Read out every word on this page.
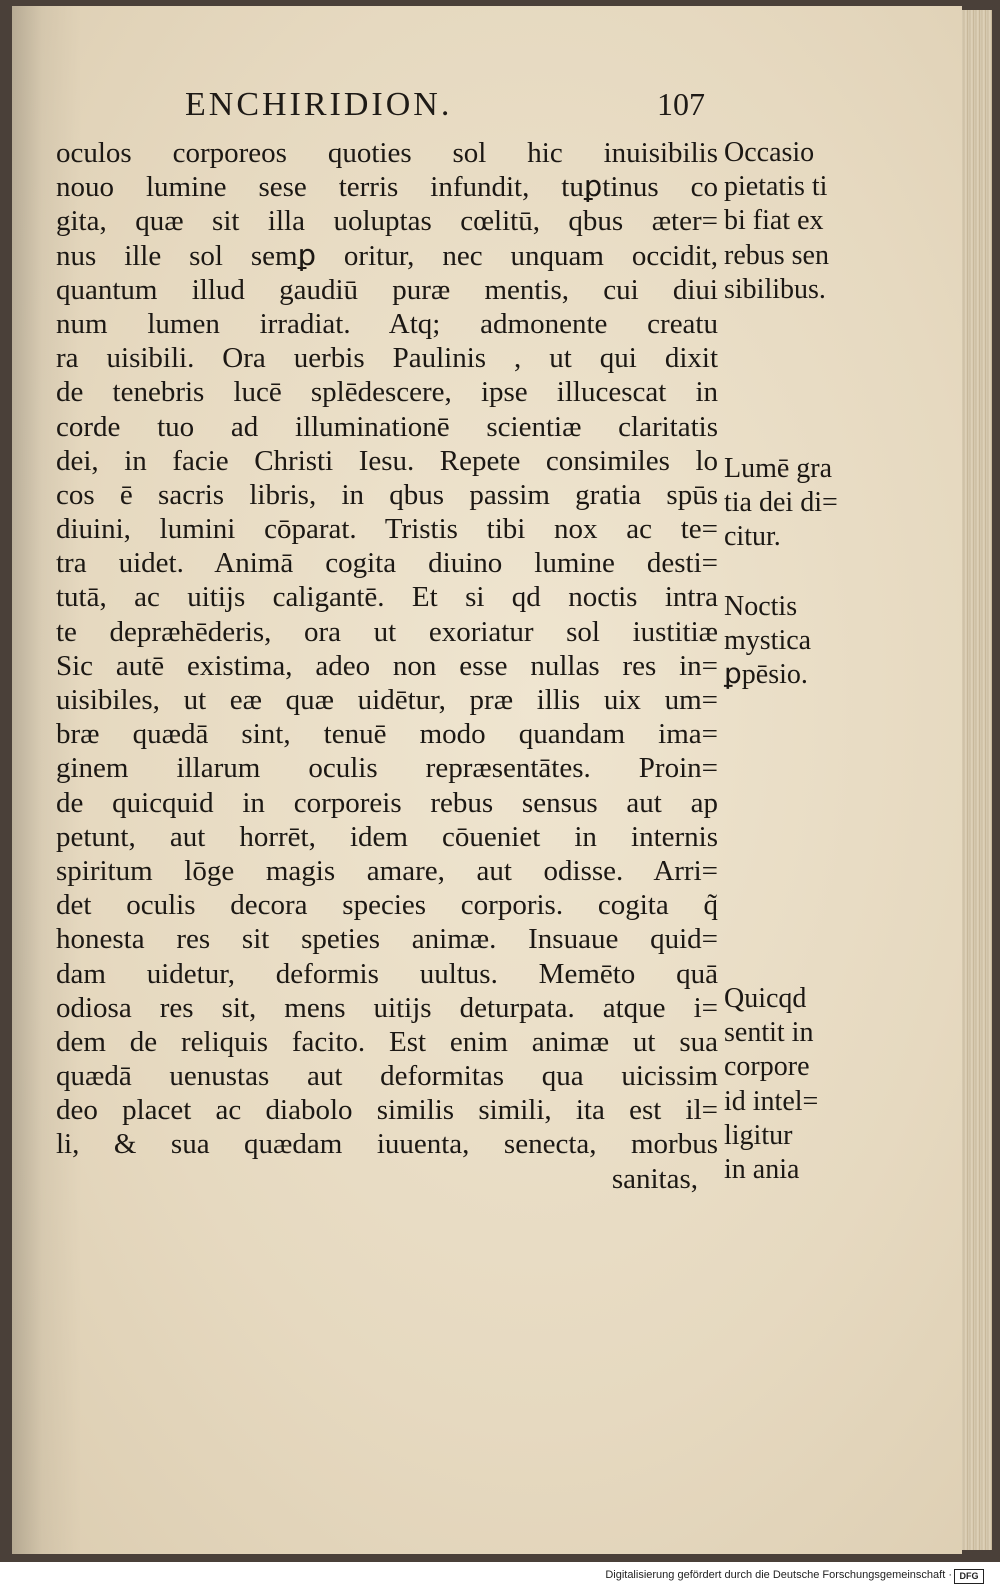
ENCHIRIDION.	107
oculos corporeos quoties sol hic inuisibilis
nouo lumine sese terris infundit, tuꝑtinus co
gita, quæ sit illa uoluptas cœlitū, qbus æter=
nus ille sol semꝑ oritur, nec unquam occidit,
quantum illud gaudiū puræ mentis, cui diui
num lumen irradiat. Atq; admonente creatu
ra uisibili. Ora uerbis Paulinis , ut qui dixit
de tenebris lucē splēdescere, ipse illucescat in
corde tuo ad illuminationē scientiæ claritatis
dei, in facie Christi Iesu. Repete consimiles lo
cos ē sacris libris, in qbus passim gratia spūs
diuini, lumini cōparat. Tristis tibi nox ac te=
tra uidet. Animā cogita diuino lumine desti=
tutā, ac uitijs caligantē. Et si qd noctis intra
te depræhēderis, ora ut exoriatur sol iustitiæ
Sic autē existima, adeo non esse nullas res in=
uisibiles, ut eæ quæ uidētur, præ illis uix um=
bræ quædā sint, tenuē modo quandam ima=
ginem illarum oculis repræsentātes. Proin=
de quicquid in corporeis rebus sensus aut ap
petunt, aut horrēt, idem cōueniet in internis
spiritum lōge magis amare, aut odisse. Arri=
det oculis decora species corporis. cogita q̃
honesta res sit speties animæ. Insuaue quid=
dam uidetur, deformis uultus. Memēto quā
odiosa res sit, mens uitijs deturpata. atque i=
dem de reliquis facito. Est enim animæ ut sua
quædā uenustas aut deformitas qua uicissim
deo placet ac diabolo similis simili, ita est il=
li, & sua quædam iuuenta, senecta, morbus
sanitas,
Occasio
pietatis ti
bi fiat ex
rebus sen
sibilibus.
Lumē gra
tia dei di=
citur.
Noctis
mystica
ꝑpēsio.
Quicqd
sentit in
corpore
id intel=
ligitur
in ania
Digitalisierung gefördert durch die Deutsche Forschungsgemeinschaft · DFG
